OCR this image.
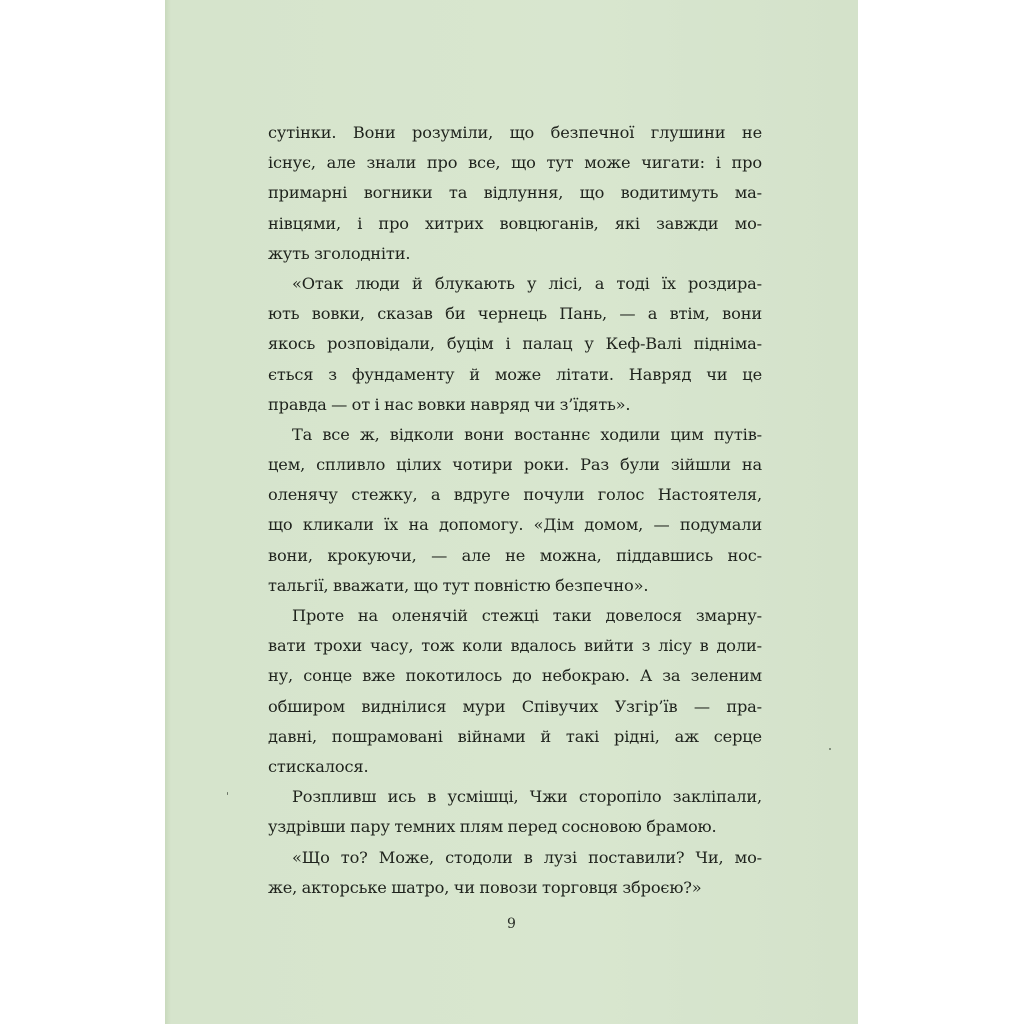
сутінки. Вони розуміли, що безпечної глушини не
існує, але знали про все, що тут може чигати: і про
примарні вогники та відлуння, що водитимуть ма-
нівцями, і про хитрих вовцюганів, які завжди мо-
жуть зголодніти.
«Отак люди й блукають у лісі, а тоді їх роздира-
ють вовки, сказав би чернець Пань, — а втім, вони
якось розповідали, буцім і палац у Кеф-Валі підніма-
ється з фундаменту й може літати. Навряд чи це
правда — от і нас вовки навряд чи з’їдять».
Та все ж, відколи вони востаннє ходили цим путів-
цем, спливло цілих чотири роки. Раз були зійшли на
оленячу стежку, а вдруге почули голос Настоятеля,
що кликали їх на допомогу. «Дім домом, — подумали
вони, крокуючи, — але не можна, піддавшись нос-
тальгії, вважати, що тут повністю безпечно».
Проте на оленячій стежці таки довелося змарну-
вати трохи часу, тож коли вдалось вийти з лісу в доли-
ну, сонце вже покотилось до небокраю. А за зеленим
обширом виднілися мури Співучих Узгір’їв — пра-
давні, пошрамовані війнами й такі рідні, аж серце
стискалося.
Розпливш ись в усмішці, Чжи сторопіло закліпали,
уздрівши пару темних плям перед сосновою брамою.
«Що то? Може, стодоли в лузі поставили? Чи, мо-
же, акторське шатро, чи повози торговця зброєю?»
9
